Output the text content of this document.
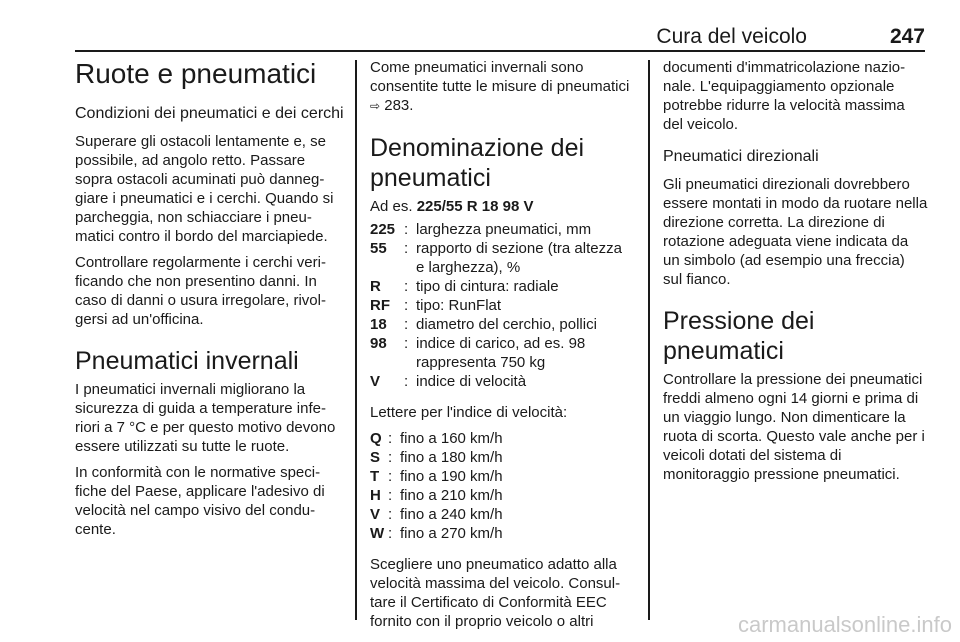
Cura del veicolo	247
Ruote e pneumatici
Condizioni dei pneumatici e dei cerchi
Superare gli ostacoli lentamente e, se possibile, ad angolo retto. Passare sopra ostacoli acuminati può danneggiare i pneumatici e i cerchi. Quando si parcheggia, non schiacciare i pneumatici contro il bordo del marciapiede.
Controllare regolarmente i cerchi verificando che non presentino danni. In caso di danni o usura irregolare, rivolgersi ad un'officina.
Pneumatici invernali
I pneumatici invernali migliorano la sicurezza di guida a temperature inferiori a 7 °C e per questo motivo devono essere utilizzati su tutte le ruote.
In conformità con le normative specifiche del Paese, applicare l'adesivo di velocità nel campo visivo del conducente.
Come pneumatici invernali sono consentite tutte le misure di pneumatici ⇨ 283.
Denominazione dei pneumatici
Ad es. 225/55 R 18 98 V
225 : larghezza pneumatici, mm
55	: rapporto di sezione (tra altezza e larghezza), %
R	: tipo di cintura: radiale
RF : tipo: RunFlat
18	: diametro del cerchio, pollici
98	: indice di carico, ad es. 98 rappresenta 750 kg
V	: indice di velocità
Lettere per l'indice di velocità:
Q : fino a 160 km/h
S : fino a 180 km/h
T : fino a 190 km/h
H : fino a 210 km/h
V : fino a 240 km/h
W : fino a 270 km/h
Scegliere uno pneumatico adatto alla velocità massima del veicolo. Consultare il Certificato di Conformità EEC fornito con il proprio veicolo o altri
documenti d'immatricolazione nazionale. L'equipaggiamento opzionale potrebbe ridurre la velocità massima del veicolo.
Pneumatici direzionali
Gli pneumatici direzionali dovrebbero essere montati in modo da ruotare nella direzione corretta. La direzione di rotazione adeguata viene indicata da un simbolo (ad esempio una freccia) sul fianco.
Pressione dei pneumatici
Controllare la pressione dei pneumatici freddi almeno ogni 14 giorni e prima di un viaggio lungo. Non dimenticare la ruota di scorta. Questo vale anche per i veicoli dotati del sistema di monitoraggio pressione pneumatici.
carmanualsonline.info
